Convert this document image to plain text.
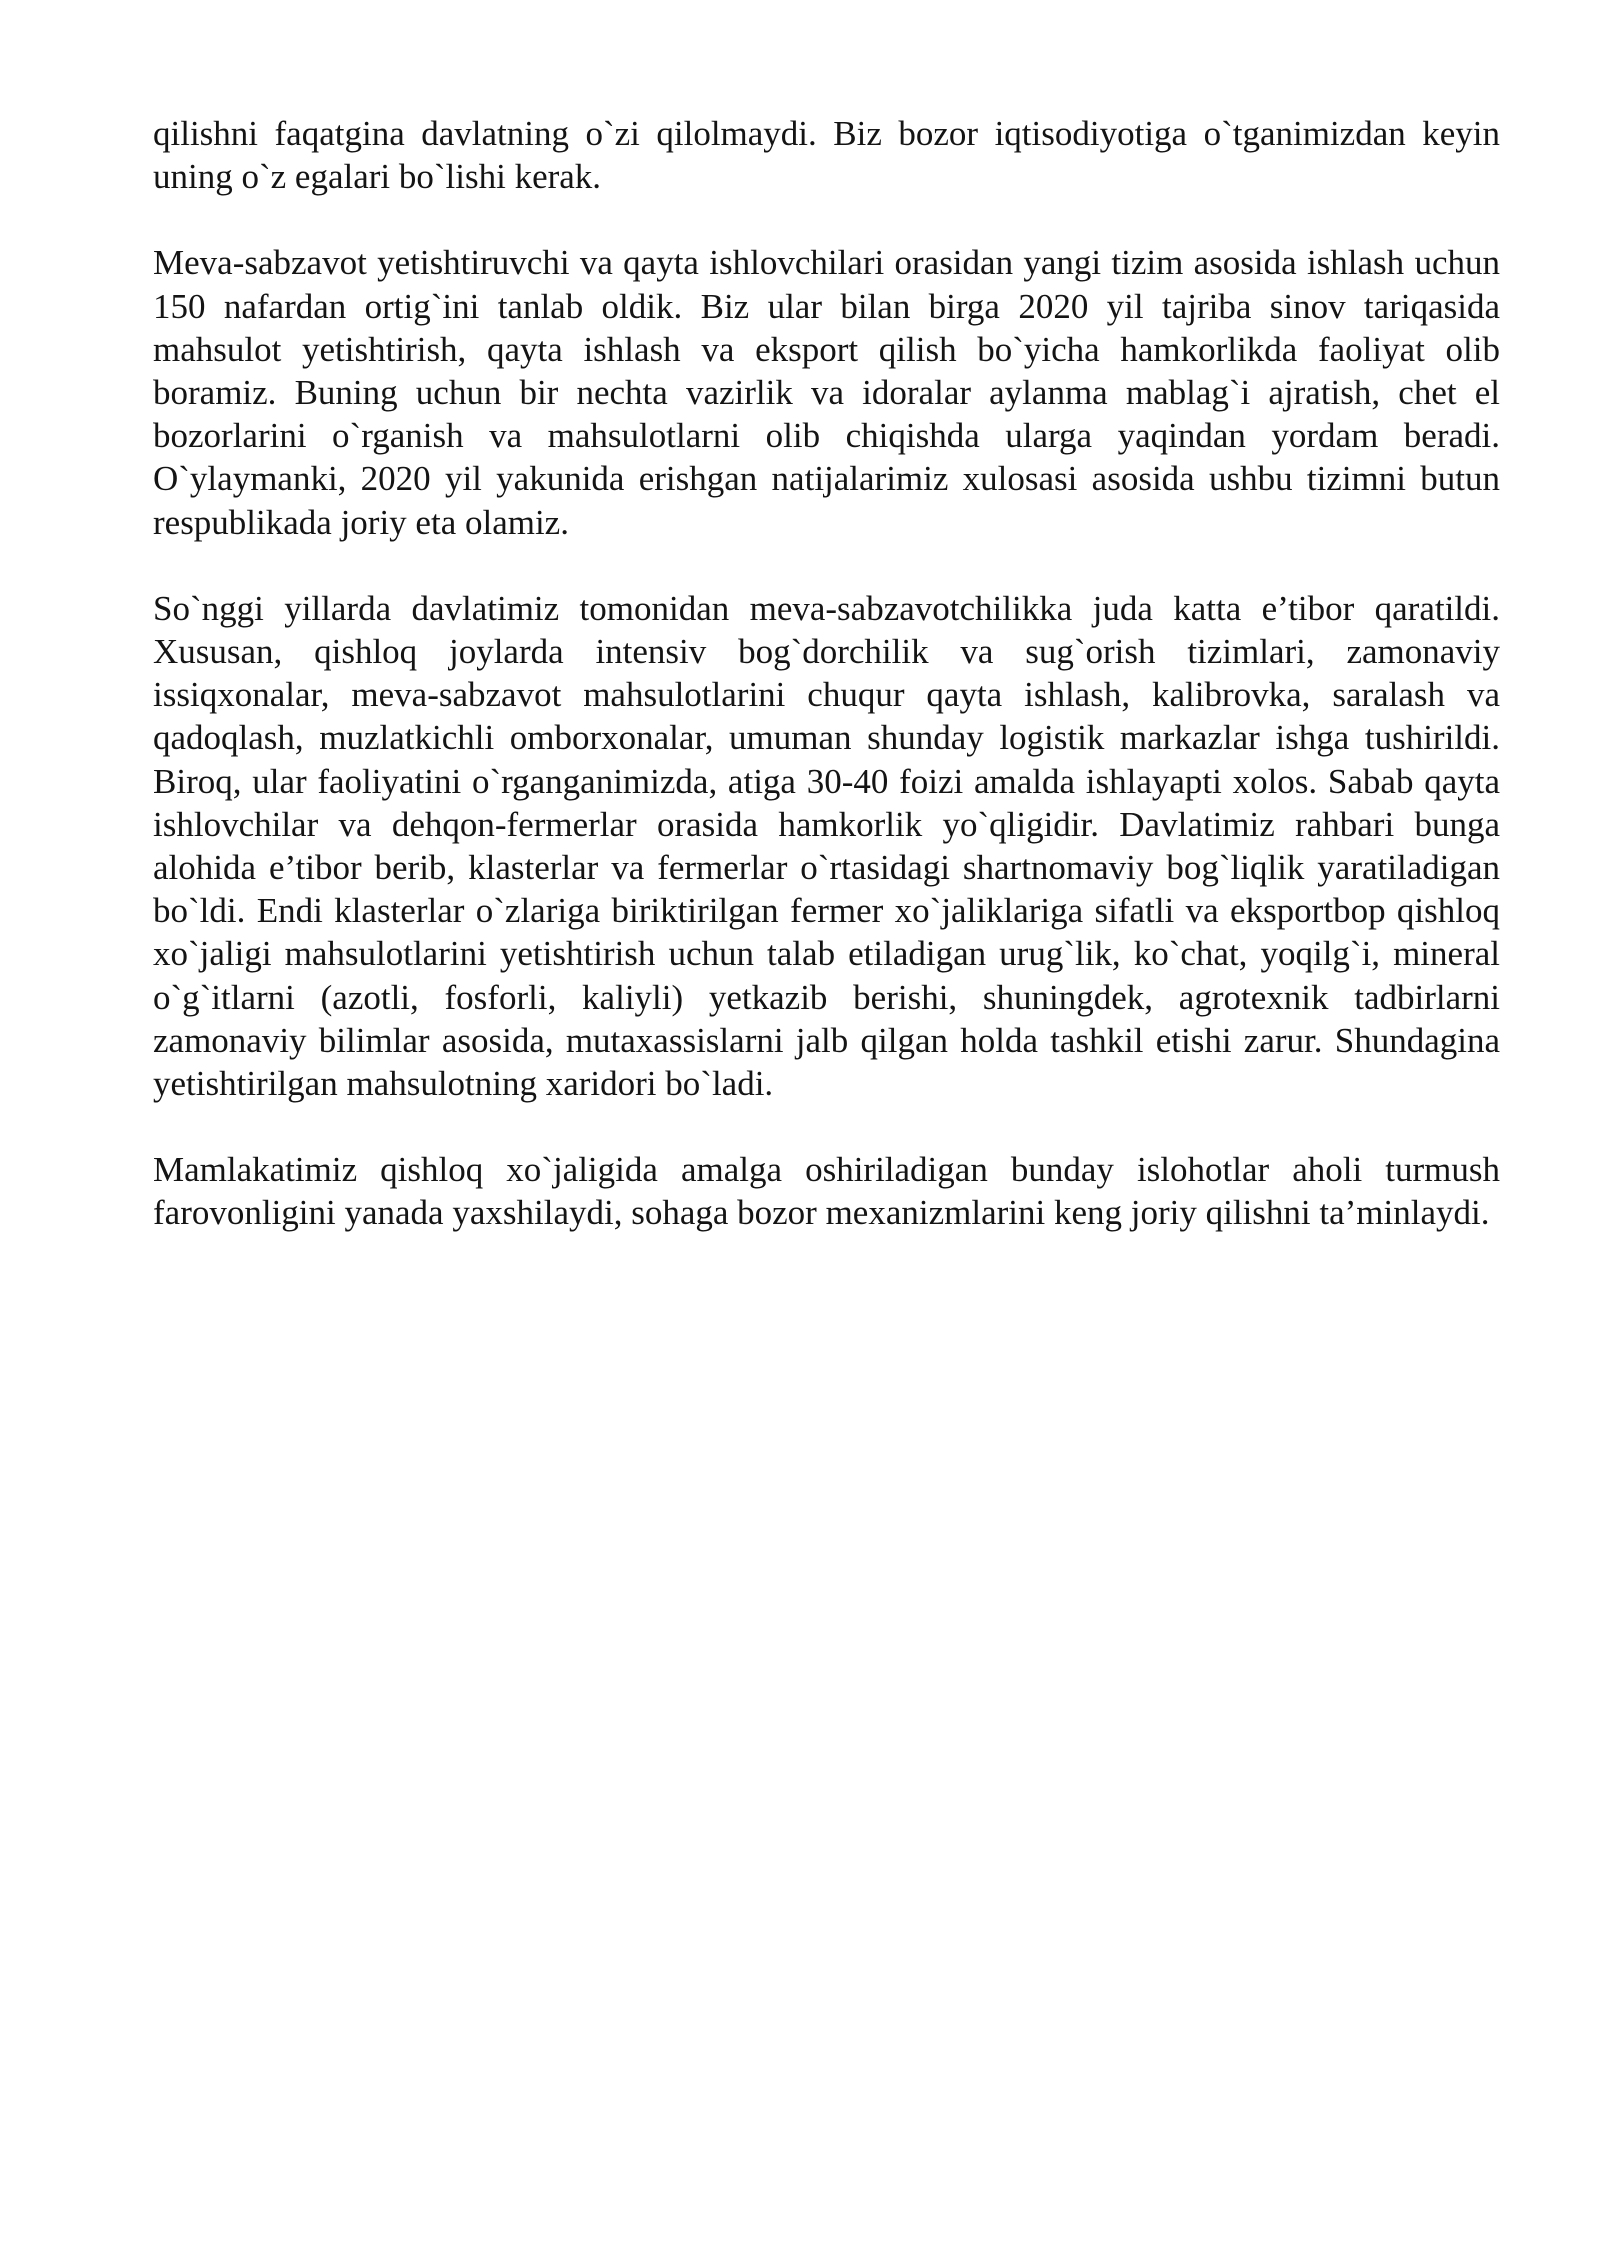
qilishni faqatgina davlatning o`zi qilolmaydi. Biz bozor iqtisodiyotiga o`tganimizdan keyin uning o`z egalari bo`lishi kerak.

Meva-sabzavot yetishtiruvchi va qayta ishlovchilari orasidan yangi tizim asosida ishlash uchun 150 nafardan ortig`ini tanlab oldik. Biz ular bilan birga 2020 yil tajriba sinov tariqasida mahsulot yetishtirish, qayta ishlash va eksport qilish bo`yicha hamkorlikda faoliyat olib boramiz. Buning uchun bir nechta vazirlik va idoralar aylanma mablag`i ajratish, chet el bozorlarini o`rganish va mahsulotlarni olib chiqishda ularga yaqindan yordam beradi. O`ylaymanki, 2020 yil yakunida erishgan natijalarimiz xulosasi asosida ushbu tizimni butun respublikada joriy eta olamiz.

So`nggi yillarda davlatimiz tomonidan meva-sabzavotchilikka juda katta e’tibor qaratildi. Xususan, qishloq joylarda intensiv bog`dorchilik va sug`orish tizimlari, zamonaviy issiqxonalar, meva-sabzavot mahsulotlarini chuqur qayta ishlash, kalibrovka, saralash va qadoqlash, muzlatkichli omborxonalar, umuman shunday logistik markazlar ishga tushirildi. Biroq, ular faoliyatini o`rganganimizda, atiga 30-40 foizi amalda ishlayapti xolos. Sabab qayta ishlovchilar va dehqon-fermerlar orasida hamkorlik yo`qligidir. Davlatimiz rahbari bunga alohida e’tibor berib, klasterlar va fermerlar o`rtasidagi shartnomaviy bog`liqlik yaratiladigan bo`ldi. Endi klasterlar o`zlariga biriktirilgan fermer xo`jaliklariga sifatli va eksportbop qishloq xo`jaligi mahsulotlarini yetishtirish uchun talab etiladigan urug`lik, ko`chat, yoqilg`i, mineral o`g`itlarni (azotli, fosforli, kaliyli) yetkazib berishi, shuningdek, agrotexnik tadbirlarni zamonaviy bilimlar asosida, mutaxassislarni jalb qilgan holda tashkil etishi zarur. Shundagina yetishtirilgan mahsulotning xaridori bo`ladi.

Mamlakatimiz qishloq xo`jaligida amalga oshiriladigan bunday islohotlar aholi turmush farovonligini yanada yaxshilaydi, sohaga bozor mexanizmlarini keng joriy qilishni ta’minlaydi.
